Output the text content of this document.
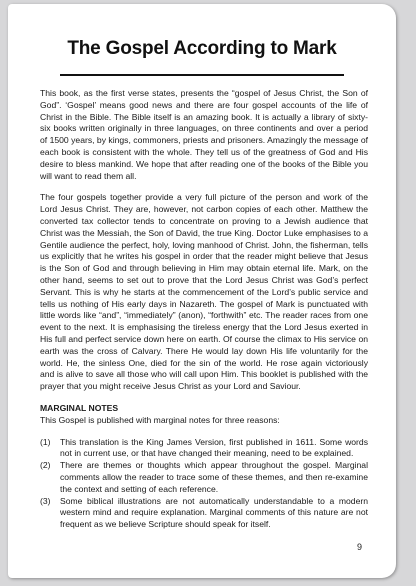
The Gospel According to Mark

This book, as the first verse states, presents the “gospel of Jesus Christ, the Son of God”. ‘Gospel’ means good news and there are four gospel accounts of the life of Christ in the Bible. The Bible itself is an amazing book. It is actually a library of sixty-six books written originally in three languages, on three continents and over a period of 1500 years, by kings, commoners, priests and prisoners. Amazingly the message of each book is consistent with the whole. They tell us of the greatness of God and His desire to bless mankind. We hope that after reading one of the books of the Bible you will want to read them all.

The four gospels together provide a very full picture of the person and work of the Lord Jesus Christ. They are, however, not carbon copies of each other. Matthew the converted tax collector tends to concentrate on proving to a Jewish audience that Christ was the Messiah, the Son of David, the true King. Doctor Luke emphasises to a Gentile audience the perfect, holy, loving manhood of Christ. John, the fisherman, tells us explicitly that he writes his gospel in order that the reader might believe that Jesus is the Son of God and through believing in Him may obtain eternal life. Mark, on the other hand, seems to set out to prove that the Lord Jesus Christ was God’s perfect Servant. This is why he starts at the commencement of the Lord’s public service and tells us nothing of His early days in Nazareth. The gospel of Mark is punctuated with little words like “and”, “immediately” (anon), “forthwith” etc. The reader races from one event to the next. It is emphasising the tireless energy that the Lord Jesus exerted in His full and perfect service down here on earth. Of course the climax to His service on earth was the cross of Calvary. There He would lay down His life voluntarily for the world. He, the sinless One, died for the sin of the world. He rose again victoriously and is alive to save all those who will call upon Him. This booklet is published with the prayer that you might receive Jesus Christ as your Lord and Saviour.

MARGINAL NOTES
This Gospel is published with marginal notes for three reasons:
(1)	This translation is the King James Version, first published in 1611. Some words not in current use, or that have changed their meaning, need to be explained.
(2)	There are themes or thoughts which appear throughout the gospel. Marginal comments allow the reader to trace some of these themes, and then re-examine the context and setting of each reference.
(3)	Some biblical illustrations are not automatically understandable to a modern western mind and require explanation. Marginal comments of this nature are not frequent as we believe Scripture should speak for itself.
9
